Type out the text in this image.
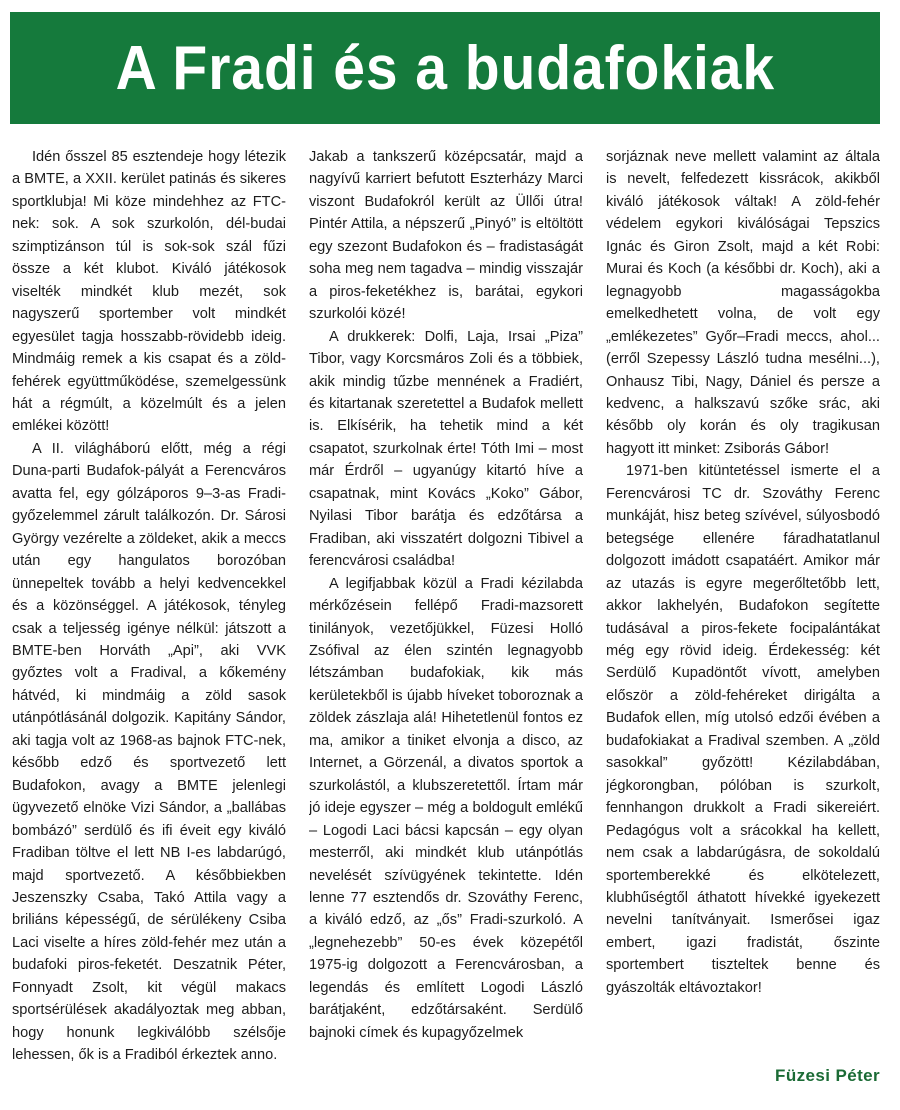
A Fradi és a budafokiak

Idén ősszel 85 esztendeje hogy létezik a BMTE, a XXII. kerület patinás és sikeres sportklubja! Mi köze mindehhez az FTC-nek: sok. A sok szurkolón, dél-budai szimptizánson túl is sok-sok szál fűzi össze a két klubot. Kiváló játékosok viselték mindkét klub mezét, sok nagyszerű sportember volt mindkét egyesület tagja hosszabb-rövidebb ideig. Mindmáig remek a kis csapat és a zöld-fehérek együttműködése, szemelgessünk hát a régmúlt, a közelmúlt és a jelen emlékei között!

A II. világháború előtt, még a régi Duna-parti Budafok-pályát a Ferencváros avatta fel, egy gólzáporos 9–3-as Fradi-győzelemmel zárult találkozón. Dr. Sárosi György vezérelte a zöldeket, akik a meccs után egy hangulatos borozóban ünnepeltek tovább a helyi kedvencekkel és a közönséggel. A játékosok, tényleg csak a teljesség igénye nélkül: játszott a BMTE-ben Horváth „Api”, aki VVK győztes volt a Fradival, a kőkemény hátvéd, ki mindmáig a zöld sasok utánpótlásánál dolgozik. Kapitány Sándor, aki tagja volt az 1968-as bajnok FTC-nek, később edző és sportvezető lett Budafokon, avagy a BMTE jelenlegi ügyvezető elnöke Vizi Sándor, a „ballábas bombázó” serdülő és ifi éveit egy kiváló Fradiban töltve el lett NB I-es labdarúgó, majd sportvezető. A későbbiekben Jeszenszky Csaba, Takó Attila vagy a briliáns képességű, de sérülékeny Csiba Laci viselte a híres zöld-fehér mez után a budafoki piros-feketét. Deszatnik Péter, Fonnyadt Zsolt, kit végül makacs sportsérülések akadályoztak meg abban, hogy honunk legkiválóbb szélsője lehessen, ők is a Fradiból érkeztek anno.

Jakab a tankszerű középcsatár, majd a nagyívű karriert befutott Eszterházy Marci viszont Budafokról került az Üllői útra! Pintér Attila, a népszerű „Pinyó” is eltöltött egy szezont Budafokon és – fradistaságát soha meg nem tagadva – mindig visszajár a piros-feketékhez is, barátai, egykori szurkolói közé!

A drukkerek: Dolfi, Laja, Irsai „Piza” Tibor, vagy Korcsmáros Zoli és a többiek, akik mindig tűzbe mennének a Fradiért, és kitartanak szeretettel a Budafok mellett is. Elkísérik, ha tehetik mind a két csapatot, szurkolnak érte! Tóth Imi – most már Érdről – ugyanúgy kitartó híve a csapatnak, mint Kovács „Koko” Gábor, Nyilasi Tibor barátja és edzőtársa a Fradiban, aki visszatért dolgozni Tibivel a ferencvárosi családba!

A legifjabbak közül a Fradi kézilabda mérkőzésein fellépő Fradi-mazsorett tinilányok, vezetőjükkel, Füzesi Holló Zsófival az élen szintén legnagyobb létszámban budafokiak, kik más kerületekből is újabb híveket toboroznak a zöldek zászlaja alá! Hihetetlenül fontos ez ma, amikor a tiniket elvonja a disco, az Internet, a Görzenál, a divatos sportok a szurkolástól, a klubszeretettől. Írtam már jó ideje egyszer – még a boldogult emlékű – Logodi Laci bácsi kapcsán – egy olyan mesterről, aki mindkét klub utánpótlás nevelését szívügyének tekintette. Idén lenne 77 esztendős dr. Szováthy Ferenc, a kiváló edző, az „ős” Fradi-szurkoló. A „legnehezebb” 50-es évek közepétől 1975-ig dolgozott a Ferencvárosban, a legendás és említett Logodi László barátjaként, edzőtársaként. Serdülő bajnoki címek és kupagyőzelmek

sorjáznak neve mellett valamint az általa is nevelt, felfedezett kissrácok, akikből kiváló játékosok váltak! A zöld-fehér védelem egykori kiválóságai Tepszics Ignác és Giron Zsolt, majd a két Robi: Murai és Koch (a későbbi dr. Koch), aki a legnagyobb magasságokba emelkedhetett volna, de volt egy „emlékezetes” Győr–Fradi meccs, ahol... (erről Szepessy László tudna mesélni...), Onhausz Tibi, Nagy, Dániel és persze a kedvenc, a halkszavú szőke srác, aki később oly korán és oly tragikusan hagyott itt minket: Zsiborás Gábor!

1971-ben kitüntetéssel ismerte el a Ferencvárosi TC dr. Szováthy Ferenc munkáját, hisz beteg szívével, súlyosbodó betegsége ellenére fáradhatatlanul dolgozott imádott csapatáért. Amikor már az utazás is egyre megerőltetőbb lett, akkor lakhelyén, Budafokon segítette tudásával a piros-fekete focipalántákat még egy rövid ideig. Érdekesség: két Serdülő Kupadöntőt vívott, amelyben először a zöld-fehéreket dirigálta a Budafok ellen, míg utolsó edzői évében a budafokiakat a Fradival szemben. A „zöld sasokkal” győzött! Kézilabdában, jégkorongban, pólóban is szurkolt, fennhangon drukkolt a Fradi sikereiért. Pedagógus volt a srácokkal ha kellett, nem csak a labdarúgásra, de sokoldalú sportemberekké és elkötelezett, klubhűségtől áthatott hívekké igyekezett nevelni tanítványait. Ismerősei igaz embert, igazi fradistát, őszinte sportembert tiszteltek benne és gyászolták eltávoztakor!

Füzesi Péter
